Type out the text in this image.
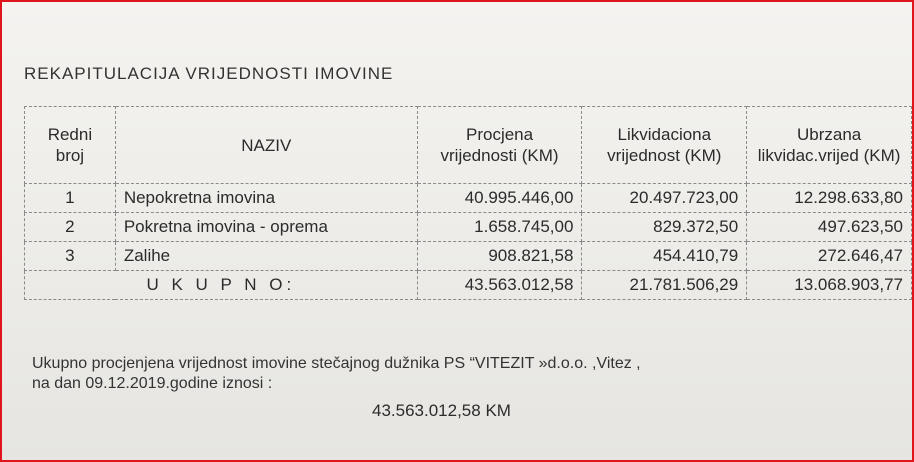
REKAPITULACIJA VRIJEDNOSTI IMOVINE
Redni broj	NAZIV	Procjena vrijednosti (KM)	Likvidaciona vrijednost (KM)	Ubrzana likvidac.vrijed (KM)
1	Nepokretna imovina	40.995.446,00	20.497.723,00	12.298.633,80
2	Pokretna imovina - oprema	1.658.745,00	829.372,50	497.623,50
3	Zalihe	908.821,58	454.410,79	272.646,47
U K U P N O:		43.563.012,58	21.781.506,29	13.068.903,77
Ukupno procjenjena vrijednost imovine stečajnog dužnika PS “VITEZIT »d.o.o. ,Vitez ,
na dan 09.12.2019.godine iznosi :
43.563.012,58 KM
